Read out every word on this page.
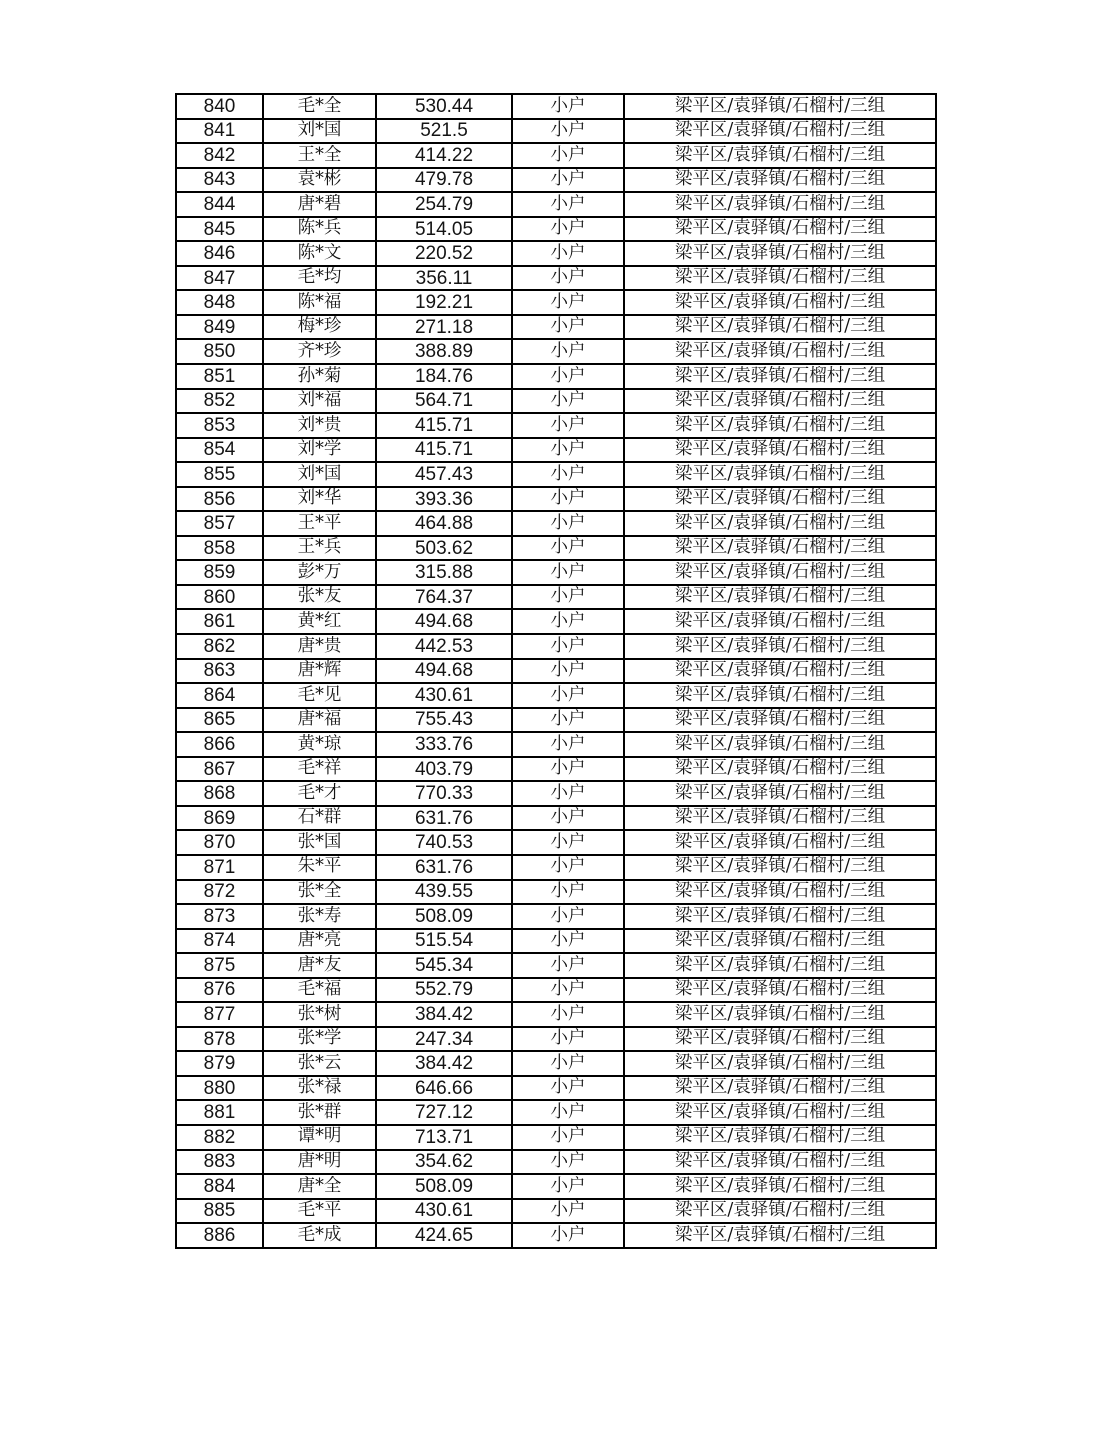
840	毛*全	530.44	小户	梁平区/袁驿镇/石榴村/三组
841	刘*国	521.5	小户	梁平区/袁驿镇/石榴村/三组
842	王*全	414.22	小户	梁平区/袁驿镇/石榴村/三组
843	袁*彬	479.78	小户	梁平区/袁驿镇/石榴村/三组
844	唐*碧	254.79	小户	梁平区/袁驿镇/石榴村/三组
845	陈*兵	514.05	小户	梁平区/袁驿镇/石榴村/三组
846	陈*文	220.52	小户	梁平区/袁驿镇/石榴村/三组
847	毛*均	356.11	小户	梁平区/袁驿镇/石榴村/三组
848	陈*福	192.21	小户	梁平区/袁驿镇/石榴村/三组
849	梅*珍	271.18	小户	梁平区/袁驿镇/石榴村/三组
850	齐*珍	388.89	小户	梁平区/袁驿镇/石榴村/三组
851	孙*菊	184.76	小户	梁平区/袁驿镇/石榴村/三组
852	刘*福	564.71	小户	梁平区/袁驿镇/石榴村/三组
853	刘*贵	415.71	小户	梁平区/袁驿镇/石榴村/三组
854	刘*学	415.71	小户	梁平区/袁驿镇/石榴村/三组
855	刘*国	457.43	小户	梁平区/袁驿镇/石榴村/三组
856	刘*华	393.36	小户	梁平区/袁驿镇/石榴村/三组
857	王*平	464.88	小户	梁平区/袁驿镇/石榴村/三组
858	王*兵	503.62	小户	梁平区/袁驿镇/石榴村/三组
859	彭*万	315.88	小户	梁平区/袁驿镇/石榴村/三组
860	张*友	764.37	小户	梁平区/袁驿镇/石榴村/三组
861	黄*红	494.68	小户	梁平区/袁驿镇/石榴村/三组
862	唐*贵	442.53	小户	梁平区/袁驿镇/石榴村/三组
863	唐*辉	494.68	小户	梁平区/袁驿镇/石榴村/三组
864	毛*见	430.61	小户	梁平区/袁驿镇/石榴村/三组
865	唐*福	755.43	小户	梁平区/袁驿镇/石榴村/三组
866	黄*琼	333.76	小户	梁平区/袁驿镇/石榴村/三组
867	毛*祥	403.79	小户	梁平区/袁驿镇/石榴村/三组
868	毛*才	770.33	小户	梁平区/袁驿镇/石榴村/三组
869	石*群	631.76	小户	梁平区/袁驿镇/石榴村/三组
870	张*国	740.53	小户	梁平区/袁驿镇/石榴村/三组
871	朱*平	631.76	小户	梁平区/袁驿镇/石榴村/三组
872	张*全	439.55	小户	梁平区/袁驿镇/石榴村/三组
873	张*寿	508.09	小户	梁平区/袁驿镇/石榴村/三组
874	唐*亮	515.54	小户	梁平区/袁驿镇/石榴村/三组
875	唐*友	545.34	小户	梁平区/袁驿镇/石榴村/三组
876	毛*福	552.79	小户	梁平区/袁驿镇/石榴村/三组
877	张*树	384.42	小户	梁平区/袁驿镇/石榴村/三组
878	张*学	247.34	小户	梁平区/袁驿镇/石榴村/三组
879	张*云	384.42	小户	梁平区/袁驿镇/石榴村/三组
880	张*禄	646.66	小户	梁平区/袁驿镇/石榴村/三组
881	张*群	727.12	小户	梁平区/袁驿镇/石榴村/三组
882	谭*明	713.71	小户	梁平区/袁驿镇/石榴村/三组
883	唐*明	354.62	小户	梁平区/袁驿镇/石榴村/三组
884	唐*全	508.09	小户	梁平区/袁驿镇/石榴村/三组
885	毛*平	430.61	小户	梁平区/袁驿镇/石榴村/三组
886	毛*成	424.65	小户	梁平区/袁驿镇/石榴村/三组
